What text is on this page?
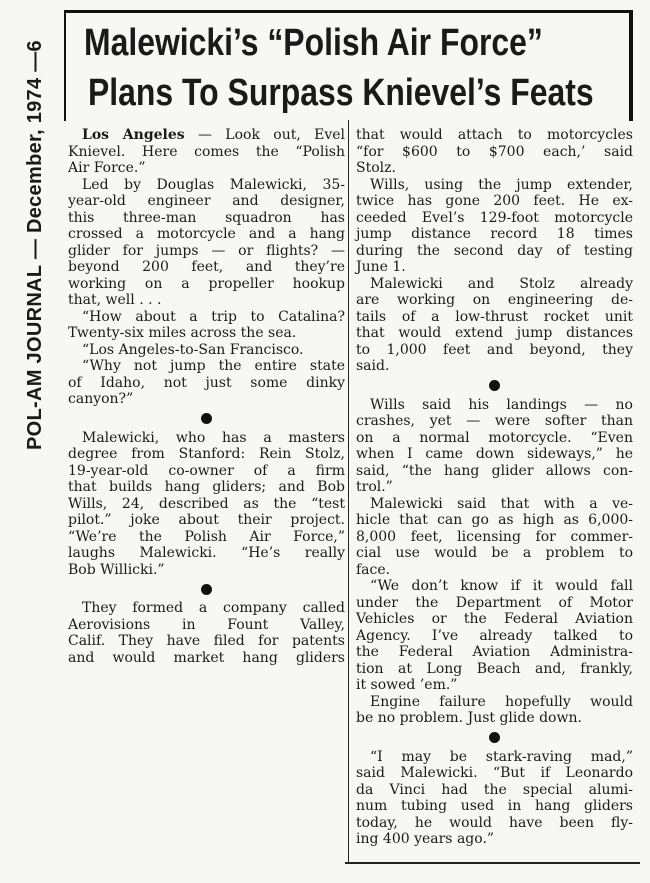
POL-AM JOURNAL — December, 1974 —6 Malewicki’s “Polish Air Force”
Plans To Surpass Knievel’s Feats
Los Angeles — Look out, Evel
Knievel. Here comes the “Polish
Air Force.”
Led by Douglas Malewicki, 35-
year-old engineer and designer,
this three-man squadron has
crossed a motorcycle and a hang
glider for jumps — or flights? —
beyond 200 feet, and they’re
working on a propeller hookup
that, well . . .
“How about a trip to Catalina?
Twenty-six miles across the sea.
“Los Angeles-to-San Francisco.
“Why not jump the entire state
of Idaho, not just some dinky
canyon?”
Malewicki, who has a masters
degree from Stanford: Rein Stolz,
19-year-old co-owner of a firm
that builds hang gliders; and Bob
Wills, 24, described as the “test
pilot.” joke about their project.
“We’re the Polish Air Force,”
laughs Malewicki. “He’s really
Bob Willicki.”
They formed a company called
Aerovisions in Fount Valley,
Calif. They have filed for patents
and would market hang gliders
that would attach to motorcycles
“for $600 to $700 each,’ said
Stolz.
Wills, using the jump extender,
twice has gone 200 feet. He ex-
ceeded Evel’s 129-foot motorcycle
jump distance record 18 times
during the second day of testing
June 1.
Malewicki and Stolz already
are working on engineering de-
tails of a low-thrust rocket unit
that would extend jump distances
to 1,000 feet and beyond, they
said.
Wills said his landings — no
crashes, yet — were softer than
on a normal motorcycle. “Even
when I came down sideways,” he
said, “the hang glider allows con-
trol.”
Malewicki said that with a ve-
hicle that can go as high as 6,000-
8,000 feet, licensing for commer-
cial use would be a problem to
face.
“We don’t know if it would fall
under the Department of Motor
Vehicles or the Federal Aviation
Agency. I’ve already talked to
the Federal Aviation Administra-
tion at Long Beach and, frankly,
it sowed ’em.”
Engine failure hopefully would
be no problem. Just glide down.
“I may be stark-raving mad,”
said Malewicki. “But if Leonardo
da Vinci had the special alumi-
num tubing used in hang gliders
today, he would have been fly-
ing 400 years ago.”
